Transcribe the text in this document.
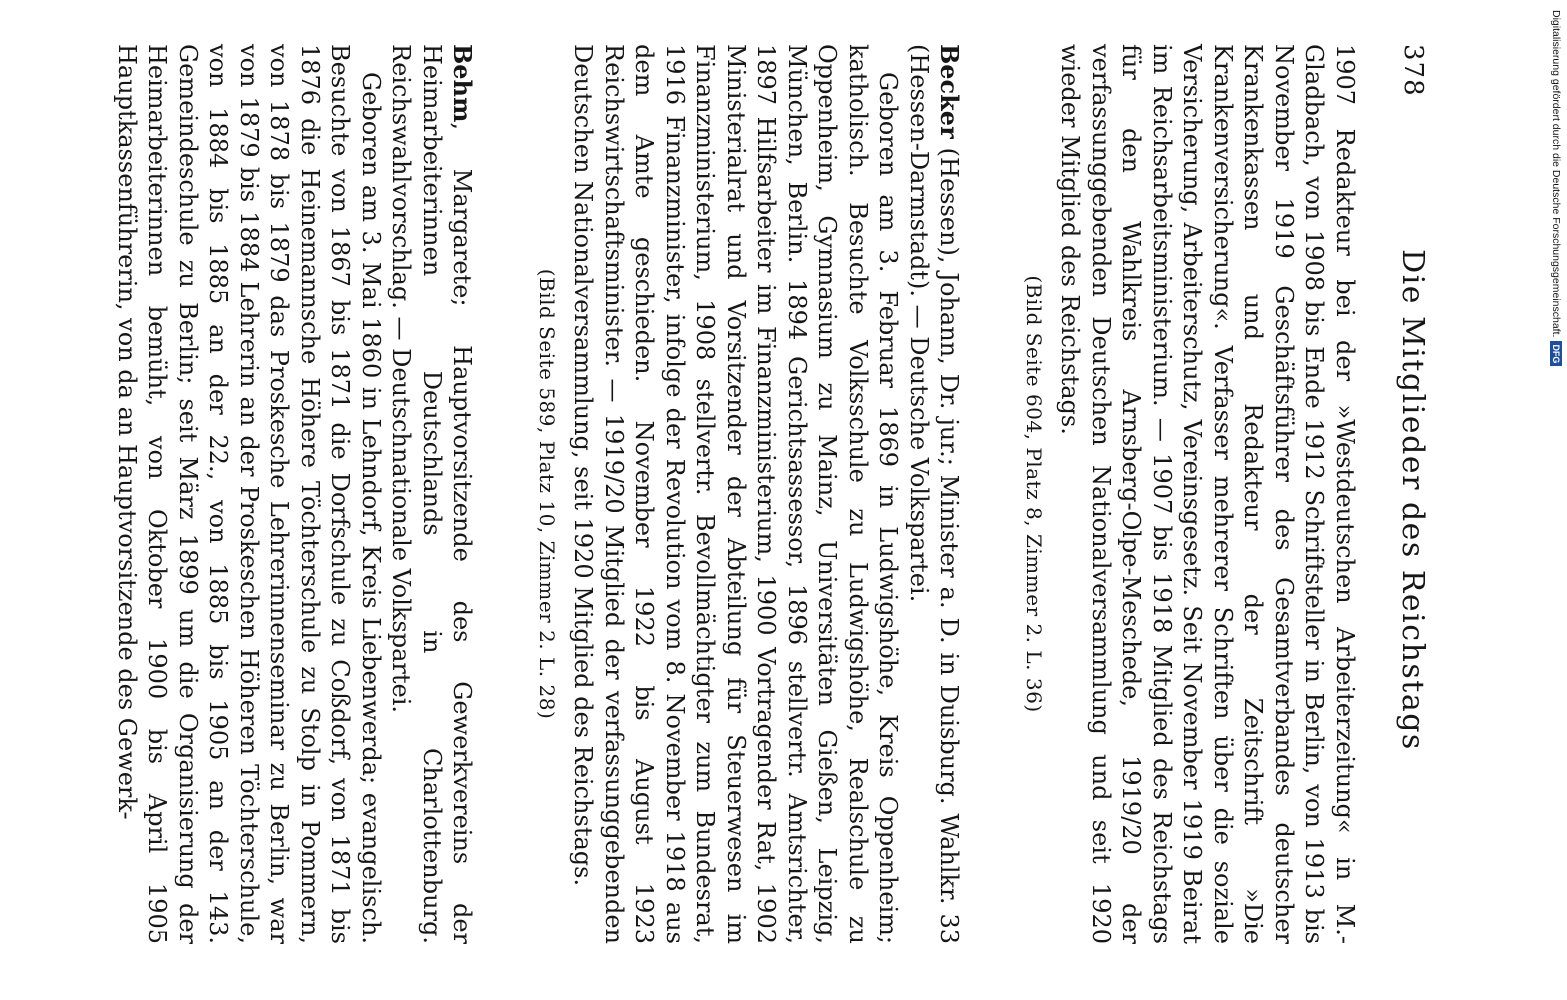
378
Die Mitglieder des Reichstags

1907 Redakteur bei der »Westdeutschen Arbeiterzeitung« in M.-Gladbach, von 1908 bis Ende 1912 Schriftsteller in Berlin, von 1913 bis November 1919 Geschäftsführer des Gesamtverbandes deutscher Krankenkassen und Redakteur der Zeitschrift »Die Krankenversicherung«. Verfasser mehrerer Schriften über die soziale Versicherung, Arbeiterschutz, Vereinsgesetz. Seit November 1919 Beirat im Reichsarbeitsministerium. — 1907 bis 1918 Mitglied des Reichstags für den Wahlkreis Arnsberg-Olpe-Meschede, 1919/20 der verfassunggebenden Deutschen Nationalversammlung und seit 1920 wieder Mitglied des Reichstags.

(Bild Seite 604, Platz 8, Zimmer 2. L. 36)

Becker (Hessen), Johann, Dr. jur.; Minister a. D. in Duisburg. Wahlkr. 33 (Hessen-Darmstadt). — Deutsche Volkspartei.

Geboren am 3. Februar 1869 in Ludwigshöhe, Kreis Oppenheim; katholisch. Besuchte Volksschule zu Ludwigshöhe, Realschule zu Oppenheim, Gymnasium zu Mainz, Universitäten Gießen, Leipzig, München, Berlin. 1894 Gerichtsassessor, 1896 stellvertr. Amtsrichter, 1897 Hilfsarbeiter im Finanzministerium, 1900 Vortragender Rat, 1902 Ministerialrat und Vorsitzender der Abteilung für Steuerwesen im Finanzministerium, 1908 stellvertr. Bevollmächtigter zum Bundesrat, 1916 Finanzminister, infolge der Revolution vom 8. November 1918 aus dem Amte geschieden. November 1922 bis August 1923 Reichswirtschaftsminister. — 1919/20 Mitglied der verfassunggebenden Deutschen Nationalversammlung, seit 1920 Mitglied des Reichstags.

(Bild Seite 589, Platz 10, Zimmer 2. L. 28)

Behm, Margarete; Hauptvorsitzende des Gewerkvereins der Heimarbeiterinnen Deutschlands in Charlottenburg. Reichswahlvorschlag. — Deutschnationale Volkspartei.

Geboren am 3. Mai 1860 in Lehndorf, Kreis Liebenwerda; evangelisch. Besuchte von 1867 bis 1871 die Dorfschule zu Coßdorf, von 1871 bis 1876 die Heinemannsche Höhere Töchterschule zu Stolp in Pommern, von 1878 bis 1879 das Proskesche Lehrerinnenseminar zu Berlin, war von 1879 bis 1884 Lehrerin an der Proskeschen Höheren Töchterschule, von 1884 bis 1885 an der 22., von 1885 bis 1905 an der 143. Gemeindeschule zu Berlin; seit März 1899 um die Organisierung der Heimarbeiterinnen bemüht, von Oktober 1900 bis April 1905 Hauptkassenführerin, von da an Hauptvorsitzende des Gewerk-	Digitalisierung gefördert durch die Deutsche Forschungsgemeinschaft.
DFG
